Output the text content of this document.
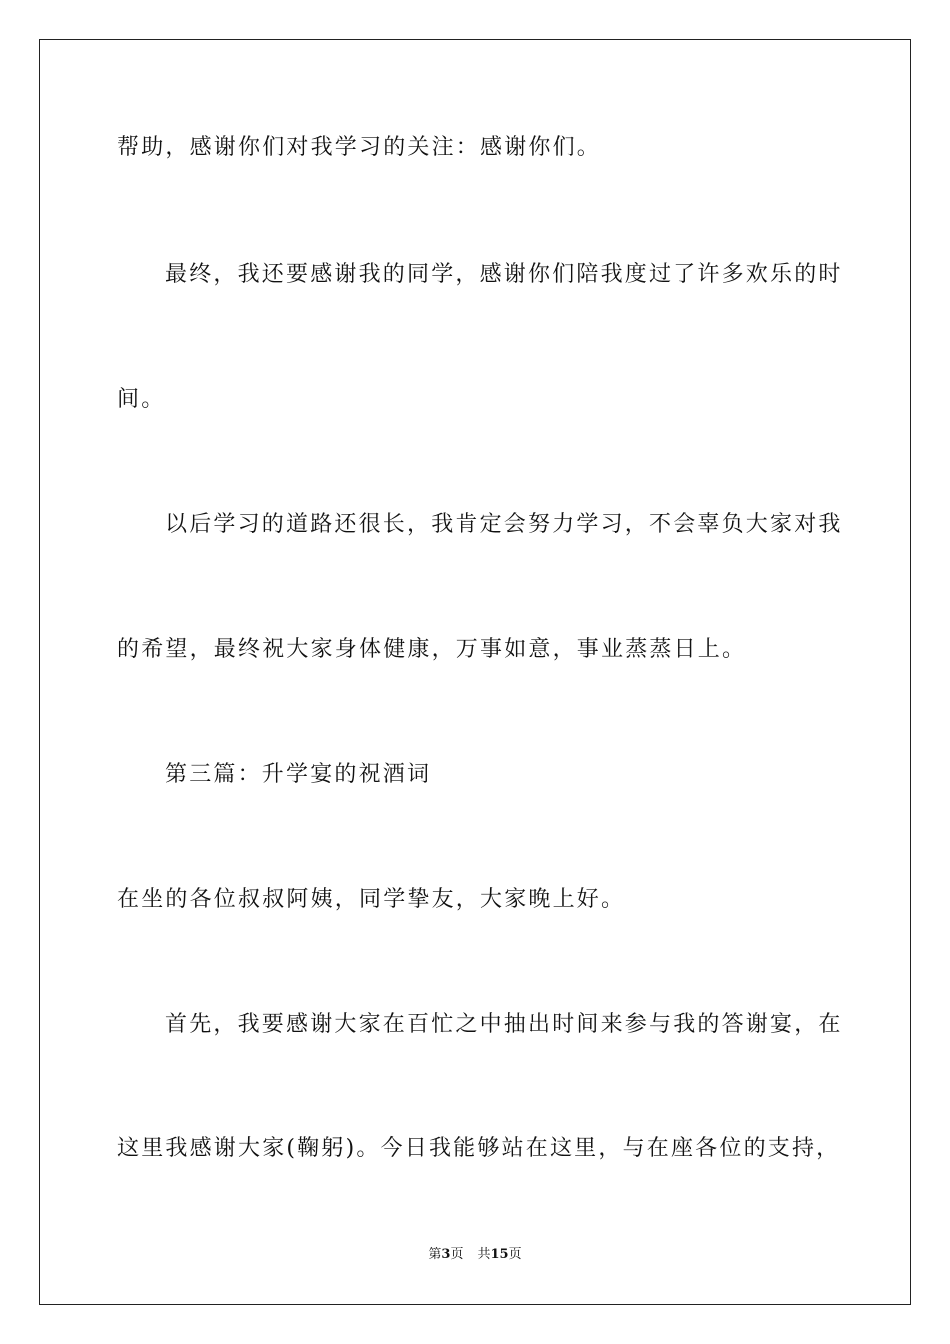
帮助，感谢你们对我学习的关注：感谢你们。
最终，我还要感谢我的同学，感谢你们陪我度过了许多欢乐的时
间。
以后学习的道路还很长，我肯定会努力学习，不会辜负大家对我
的希望，最终祝大家身体健康，万事如意，事业蒸蒸日上。
第三篇：升学宴的祝酒词
在坐的各位叔叔阿姨，同学挚友，大家晚上好。
首先，我要感谢大家在百忙之中抽出时间来参与我的答谢宴，在
这里我感谢大家(鞠躬)。今日我能够站在这里，与在座各位的支持，
第3页 共15页
